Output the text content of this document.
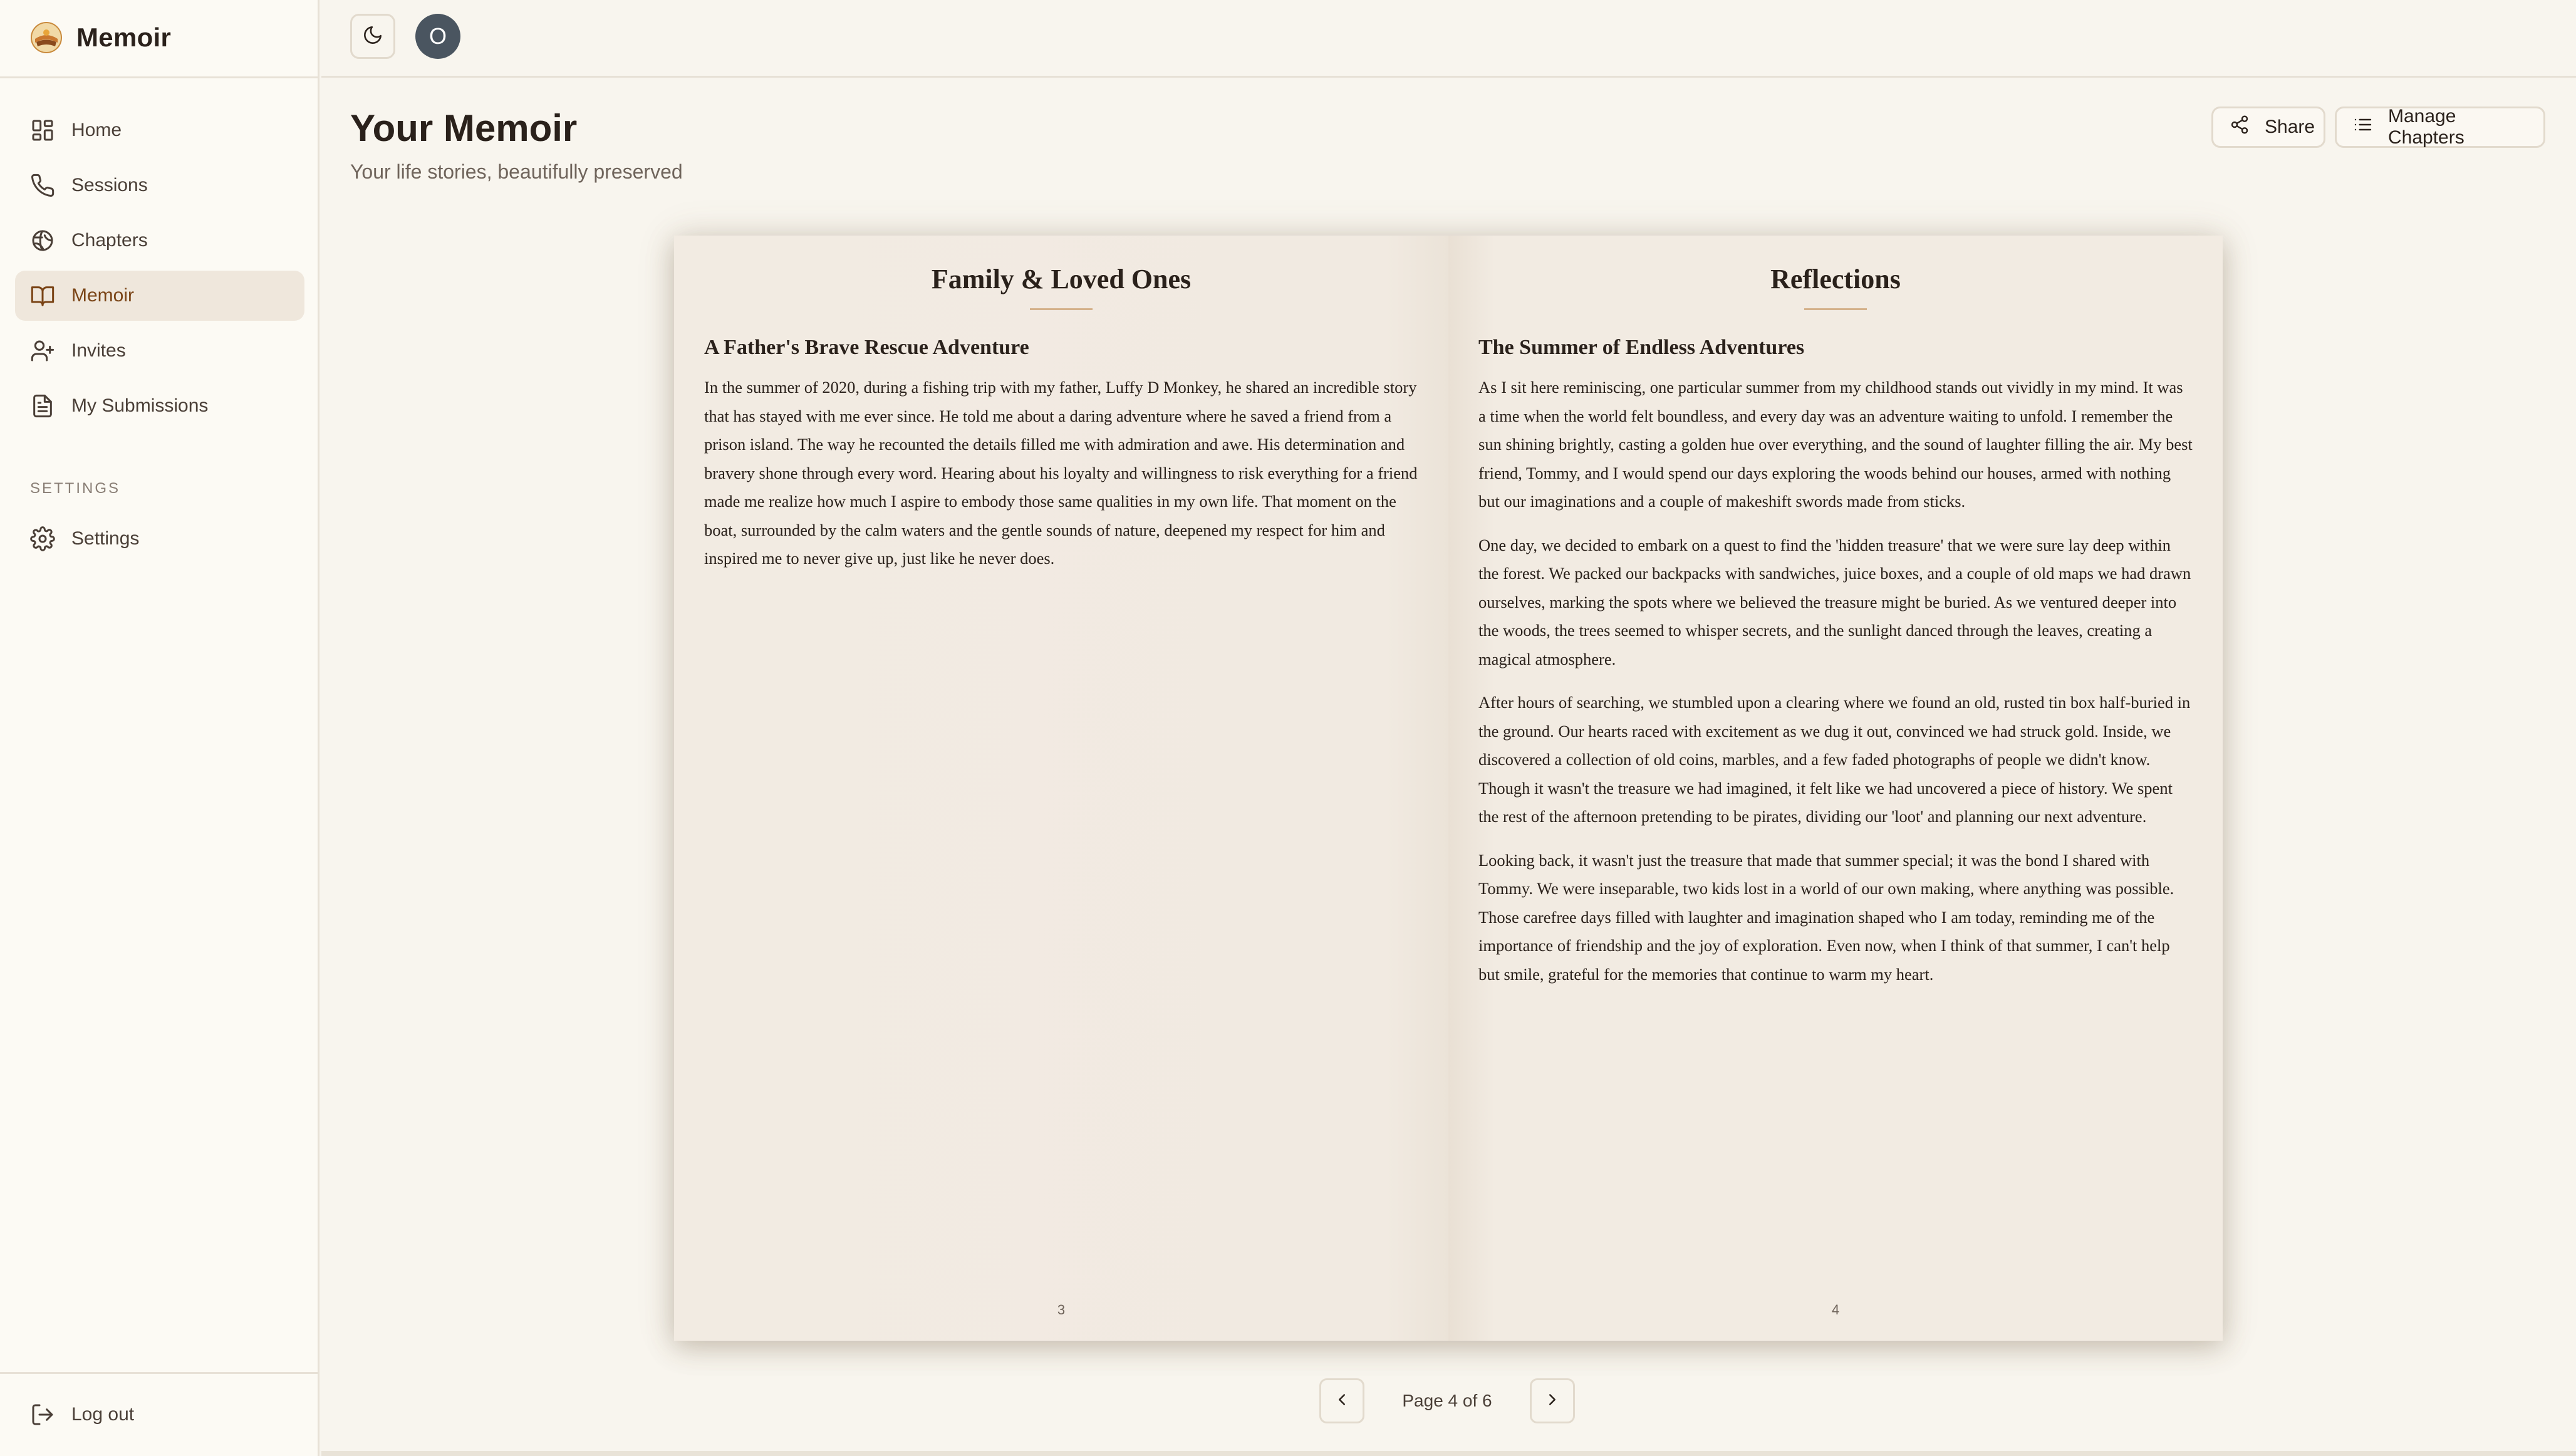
Memoir
Home
Sessions
Chapters
Memoir
Invites
My Submissions
SETTINGS
Settings
Log out
O
Your Memoir
Your life stories, beautifully preserved
Share
Manage Chapters
Family & Loved Ones
A Father's Brave Rescue Adventure

In the summer of 2020, during a fishing trip with my father, Luffy D Monkey, he shared an incredible story that has stayed with me ever since. He told me about a daring adventure where he saved a friend from a prison island. The way he recounted the details filled me with admiration and awe. His determination and bravery shone through every word. Hearing about his loyalty and willingness to risk everything for a friend made me realize how much I aspire to embody those same qualities in my own life. That moment on the boat, surrounded by the calm waters and the gentle sounds of nature, deepened my respect for him and inspired me to never give up, just like he never does.

3
Reflections
The Summer of Endless Adventures

As I sit here reminiscing, one particular summer from my childhood stands out vividly in my mind. It was a time when the world felt boundless, and every day was an adventure waiting to unfold. I remember the sun shining brightly, casting a golden hue over everything, and the sound of laughter filling the air. My best friend, Tommy, and I would spend our days exploring the woods behind our houses, armed with nothing but our imaginations and a couple of makeshift swords made from sticks.

One day, we decided to embark on a quest to find the 'hidden treasure' that we were sure lay deep within the forest. We packed our backpacks with sandwiches, juice boxes, and a couple of old maps we had drawn ourselves, marking the spots where we believed the treasure might be buried. As we ventured deeper into the woods, the trees seemed to whisper secrets, and the sunlight danced through the leaves, creating a magical atmosphere.

After hours of searching, we stumbled upon a clearing where we found an old, rusted tin box half-buried in the ground. Our hearts raced with excitement as we dug it out, convinced we had struck gold. Inside, we discovered a collection of old coins, marbles, and a few faded photographs of people we didn't know. Though it wasn't the treasure we had imagined, it felt like we had uncovered a piece of history. We spent the rest of the afternoon pretending to be pirates, dividing our 'loot' and planning our next adventure.

Looking back, it wasn't just the treasure that made that summer special; it was the bond I shared with Tommy. We were inseparable, two kids lost in a world of our own making, where anything was possible. Those carefree days filled with laughter and imagination shaped who I am today, reminding me of the importance of friendship and the joy of exploration. Even now, when I think of that summer, I can't help but smile, grateful for the memories that continue to warm my heart.

4
Page 4 of 6
